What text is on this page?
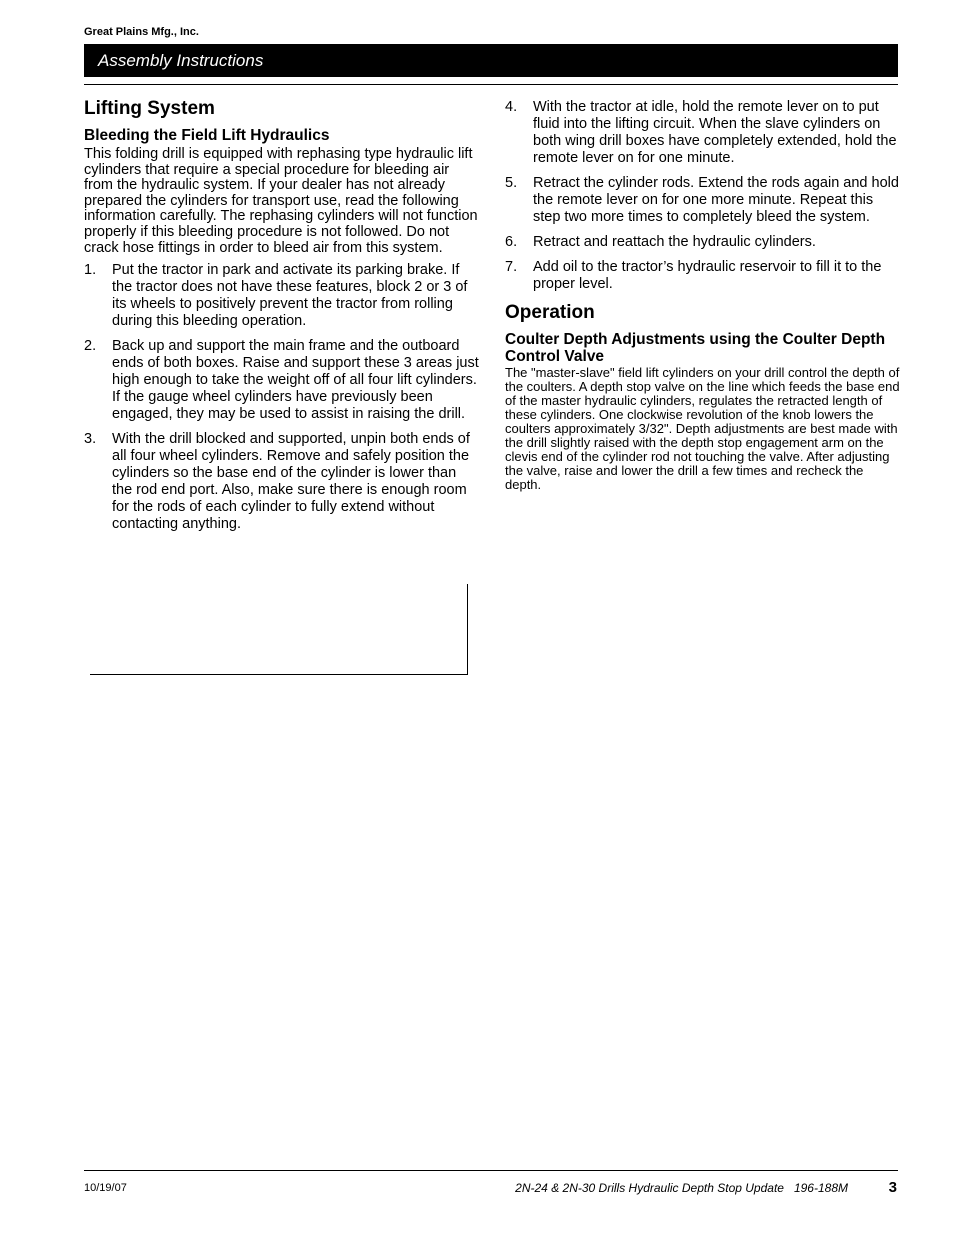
Great Plains Mfg., Inc.
Assembly Instructions
Lifting System
Bleeding the Field Lift Hydraulics

This folding drill is equipped with rephasing type hydraulic lift cylinders that require a special procedure for bleeding air from the hydraulic system. If your dealer has not already prepared the cylinders for transport use, read the following information carefully. The rephasing cylinders will not function properly if this bleeding procedure is not followed. Do not crack hose fittings in order to bleed air from this system.

1.	Put the tractor in park and activate its parking brake. If the tractor does not have these features, block 2 or 3 of its wheels to positively prevent the tractor from rolling during this bleeding operation.
2.	Back up and support the main frame and the outboard ends of both boxes. Raise and support these 3 areas just high enough to take the weight off of all four lift cylinders. If the gauge wheel cylinders have previously been engaged, they may be used to assist in raising the drill.
3.	With the drill blocked and supported, unpin both ends of all four wheel cylinders. Remove and safely position the cylinders so the base end of the cylinder is lower than the rod end port. Also, make sure there is enough room for the rods of each cylinder to fully extend without contacting anything.
4.	With the tractor at idle, hold the remote lever on to put fluid into the lifting circuit. When the slave cylinders on both wing drill boxes have completely extended, hold the remote lever on for one minute.
5.	Retract the cylinder rods. Extend the rods again and hold the remote lever on for one more minute. Repeat this step two more times to completely bleed the system.
6.	Retract and reattach the hydraulic cylinders.
7.	Add oil to the tractor’s hydraulic reservoir to fill it to the proper level.
Operation
Coulter Depth Adjustments using the Coulter Depth Control Valve

The "master-slave" field lift cylinders on your drill control the depth of the coulters. A depth stop valve on the line which feeds the base end of the master hydraulic cylinders, regulates the retracted length of these cylinders. One clockwise revolution of the knob lowers the coulters approximately 3/32". Depth adjustments are best made with the drill slightly raised with the depth stop engagement arm on the clevis end of the cylinder rod not touching the valve. After adjusting the valve, raise and lower the drill a few times and recheck the depth.

10/19/07	2N-24 & 2N-30 Drills Hydraulic Depth Stop Update   196-188M	3
